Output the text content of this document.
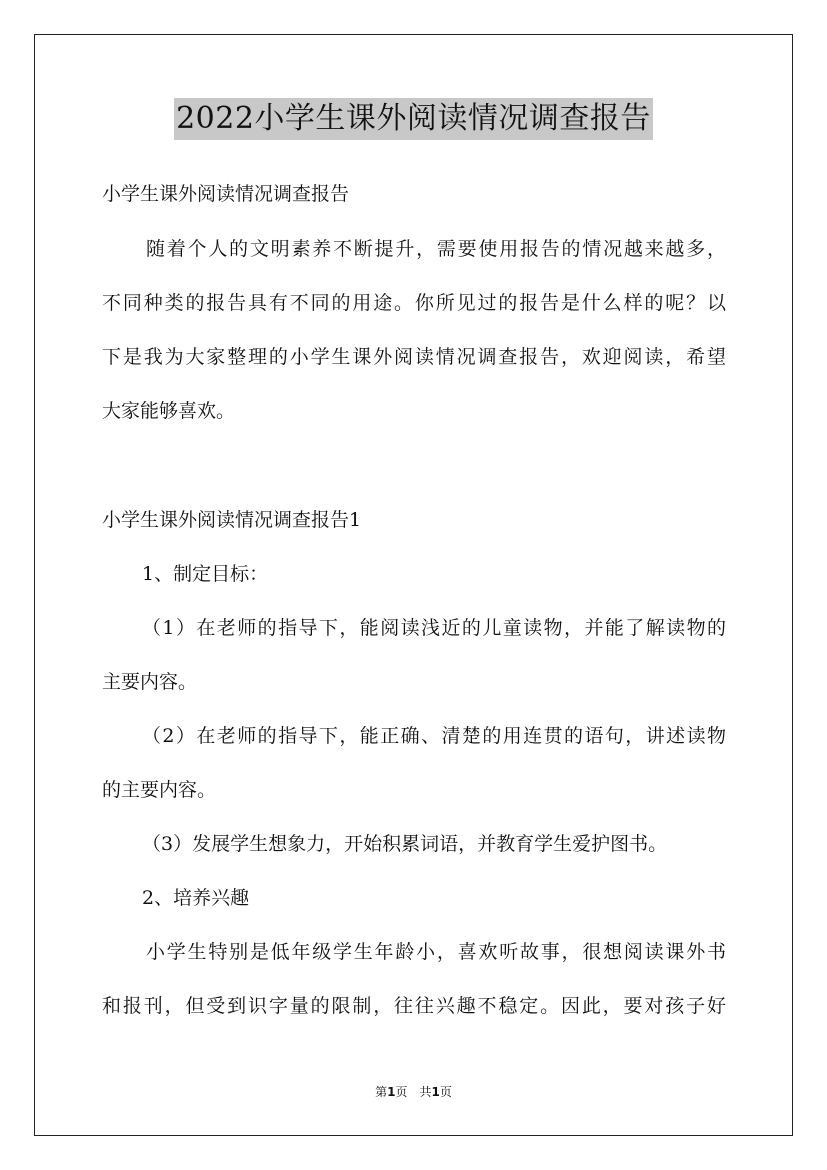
2022小学生课外阅读情况调查报告
小学生课外阅读情况调查报告
随着个人的文明素养不断提升，需要使用报告的情况越来越多，
不同种类的报告具有不同的用途。你所见过的报告是什么样的呢？以
下是我为大家整理的小学生课外阅读情况调查报告，欢迎阅读，希望
大家能够喜欢。
小学生课外阅读情况调查报告1
1、制定目标：
（1）在老师的指导下，能阅读浅近的儿童读物，并能了解读物的
主要内容。
（2）在老师的指导下，能正确、清楚的用连贯的语句，讲述读物
的主要内容。
（3）发展学生想象力，开始积累词语，并教育学生爱护图书。
2、培养兴趣
小学生特别是低年级学生年龄小，喜欢听故事，很想阅读课外书
和报刊，但受到识字量的限制，往往兴趣不稳定。因此，要对孩子好
第1页　共1页
